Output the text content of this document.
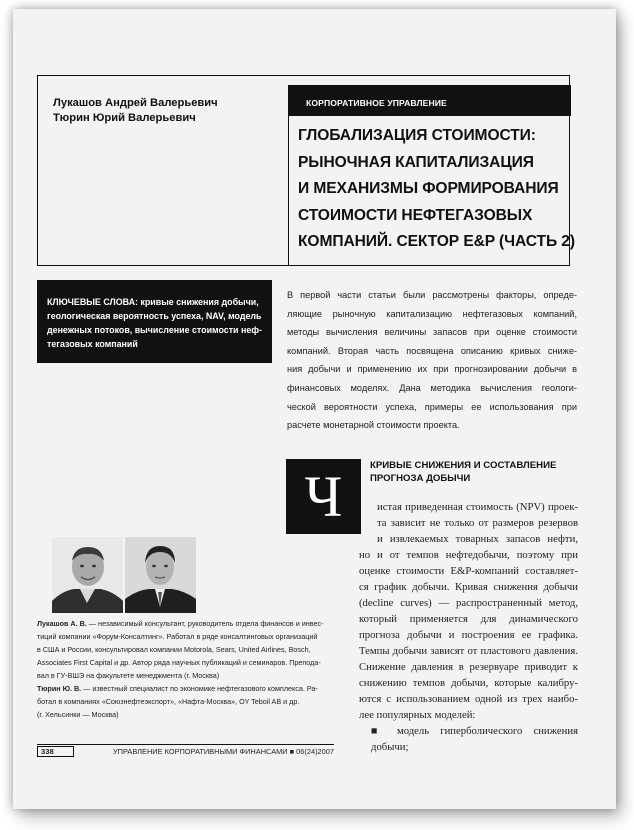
Лукашов Андрей Валерьевич
Тюрин Юрий Валерьевич
КОРПОРАТИВНОЕ УПРАВЛЕНИЕ
ГЛОБАЛИЗАЦИЯ СТОИМОСТИ:
РЫНОЧНАЯ КАПИТАЛИЗАЦИЯ
И МЕХАНИЗМЫ ФОРМИРОВАНИЯ
СТОИМОСТИ НЕФТЕГАЗОВЫХ
КОМПАНИЙ. СЕКТОР E&P (ЧАСТЬ 2)
КЛЮЧЕВЫЕ СЛОВА: кривые снижения добычи,
геологическая вероятность успеха, NAV, модель
денежных потоков, вычисление стоимости неф-
тегазовых компаний
В первой части статьи были рассмотрены факторы, опреде-
ляющие рыночную капитализацию нефтегазовых компаний,
методы вычисления величины запасов при оценке стоимости
компаний. Вторая часть посвящена описанию кривых сниже-
ния добычи и применению их при прогнозировании добычи в
финансовых моделях. Дана методика вычисления геологи-
ческой вероятности успеха, примеры ее использования при
расчете монетарной стоимости проекта.
Ч	КРИВЫЕ СНИЖЕНИЯ И СОСТАВЛЕНИЕ
ПРОГНОЗА ДОБЫЧИ
истая приведенная стоимость (NPV) проек-
та зависит не только от размеров резервов
и извлекаемых товарных запасов нефти,
но и от темпов нефтедобычи, поэтому при
оценке стоимости E&P-компаний составляет-
ся график добычи. Кривая снижения добычи
(decline curves) — распространенный метод,
который применяется для динамического
прогноза добычи и построения ее графика.
Темпы добычи зависят от пластового давления.
Снижение давления в резервуаре приводит к
снижению темпов добычи, которые калибру-
ются с использованием одной из трех наибо-
лее популярных моделей:
■ модель гиперболического снижения
добычи;
Лукашов А. В. — независимый консультант, руководитель отдела финансов и инвес-
тиций компании «Форум-Консалтинг». Работал в ряде консалтинговых организаций
в США и России, консультировал компании Motorola, Sears, United Airlines, Bosch,
Associates First Capital и др. Автор ряда научных публикаций и семинаров. Препода-
вал в ГУ-ВШЭ на факультете менеджмента (г. Москва)
Тюрин Ю. В. — известный специалист по экономике нефтегазового комплекса. Ра-
ботал в компаниях «Союзнефтеэкспорт», «Нафта-Москва», OY Teboil AB и др.
(г. Хельсинки — Москва)
338	УПРАВЛЕНИЕ КОРПОРАТИВНЫМИ ФИНАНСАМИ ■ 06(24)2007
